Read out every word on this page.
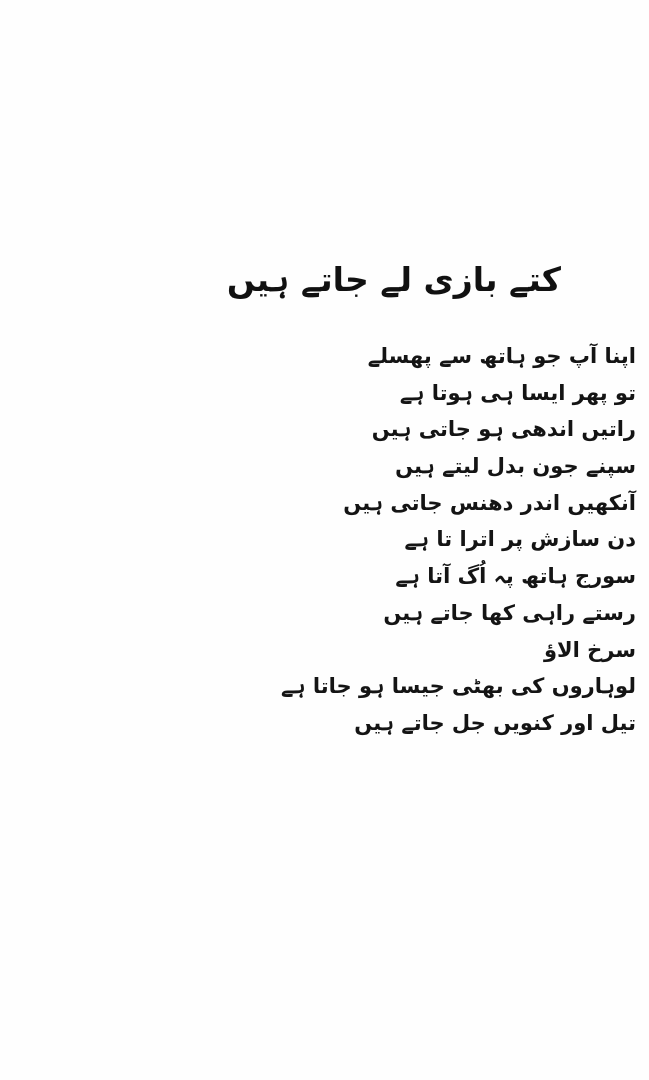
کتے بازی لے جاتے ہیں
اپنا آپ جو ہاتھ سے پھسلے
تو پھر ایسا ہی ہوتا ہے
راتیں اندھی ہو جاتی ہیں
سپنے جون بدل لیتے ہیں
آنکھیں اندر دھنس جاتی ہیں
دن سازش پر اترا تا ہے
سورج ہاتھ پہ اُگ آتا ہے
رستے راہی کھا جاتے ہیں
سرخ الاؤ
لوہاروں کی بھٹی جیسا ہو جاتا ہے
تیل اور کنویں جل جاتے ہیں
